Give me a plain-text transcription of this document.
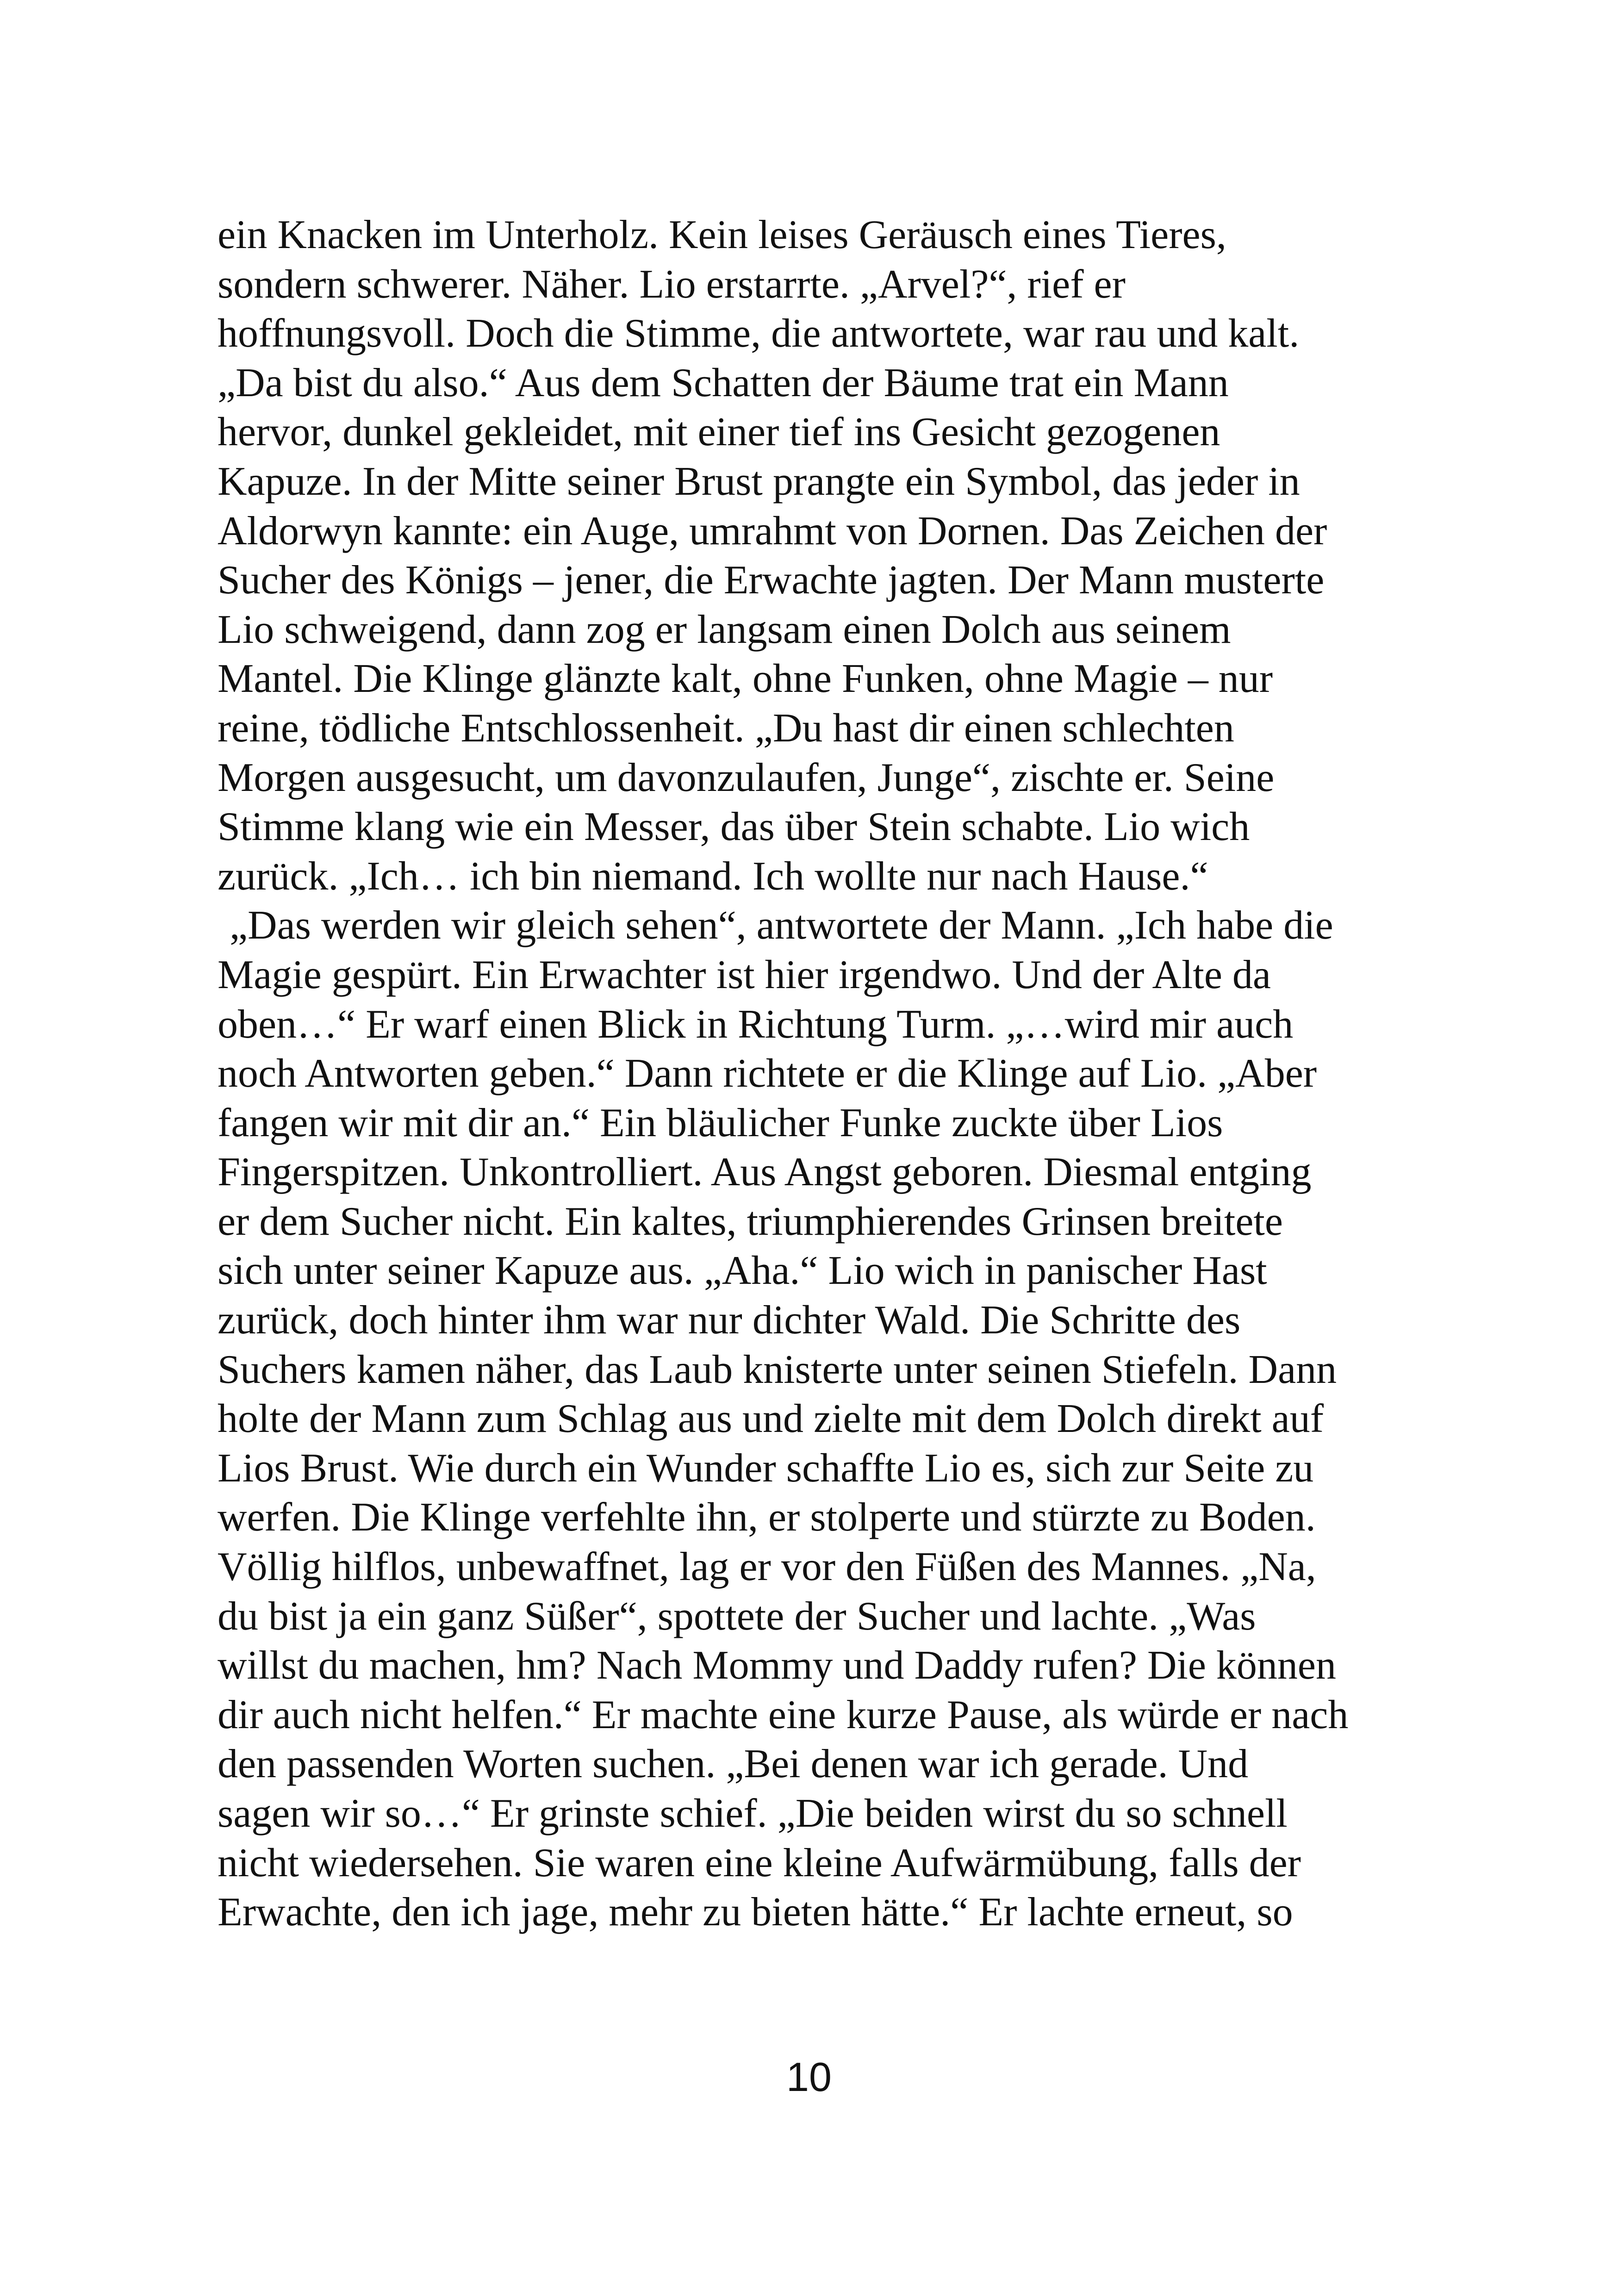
ein Knacken im Unterholz. Kein leises Geräusch eines Tieres,
sondern schwerer. Näher. Lio erstarrte. „Arvel?“, rief er
hoffnungsvoll. Doch die Stimme, die antwortete, war rau und kalt.
„Da bist du also.“ Aus dem Schatten der Bäume trat ein Mann
hervor, dunkel gekleidet, mit einer tief ins Gesicht gezogenen
Kapuze. In der Mitte seiner Brust prangte ein Symbol, das jeder in
Aldorwyn kannte: ein Auge, umrahmt von Dornen. Das Zeichen der
Sucher des Königs – jener, die Erwachte jagten. Der Mann musterte
Lio schweigend, dann zog er langsam einen Dolch aus seinem
Mantel. Die Klinge glänzte kalt, ohne Funken, ohne Magie – nur
reine, tödliche Entschlossenheit. „Du hast dir einen schlechten
Morgen ausgesucht, um davonzulaufen, Junge“, zischte er. Seine
Stimme klang wie ein Messer, das über Stein schabte. Lio wich
zurück. „Ich… ich bin niemand. Ich wollte nur nach Hause.“
„Das werden wir gleich sehen“, antwortete der Mann. „Ich habe die
Magie gespürt. Ein Erwachter ist hier irgendwo. Und der Alte da
oben…“ Er warf einen Blick in Richtung Turm. „…wird mir auch
noch Antworten geben.“ Dann richtete er die Klinge auf Lio. „Aber
fangen wir mit dir an.“ Ein bläulicher Funke zuckte über Lios
Fingerspitzen. Unkontrolliert. Aus Angst geboren. Diesmal entging
er dem Sucher nicht. Ein kaltes, triumphierendes Grinsen breitete
sich unter seiner Kapuze aus. „Aha.“ Lio wich in panischer Hast
zurück, doch hinter ihm war nur dichter Wald. Die Schritte des
Suchers kamen näher, das Laub knisterte unter seinen Stiefeln. Dann
holte der Mann zum Schlag aus und zielte mit dem Dolch direkt auf
Lios Brust. Wie durch ein Wunder schaffte Lio es, sich zur Seite zu
werfen. Die Klinge verfehlte ihn, er stolperte und stürzte zu Boden.
Völlig hilflos, unbewaffnet, lag er vor den Füßen des Mannes. „Na,
du bist ja ein ganz Süßer“, spottete der Sucher und lachte. „Was
willst du machen, hm? Nach Mommy und Daddy rufen? Die können
dir auch nicht helfen.“ Er machte eine kurze Pause, als würde er nach
den passenden Worten suchen. „Bei denen war ich gerade. Und
sagen wir so…“ Er grinste schief. „Die beiden wirst du so schnell
nicht wiedersehen. Sie waren eine kleine Aufwärmübung, falls der
Erwachte, den ich jage, mehr zu bieten hätte.“ Er lachte erneut, so
10
